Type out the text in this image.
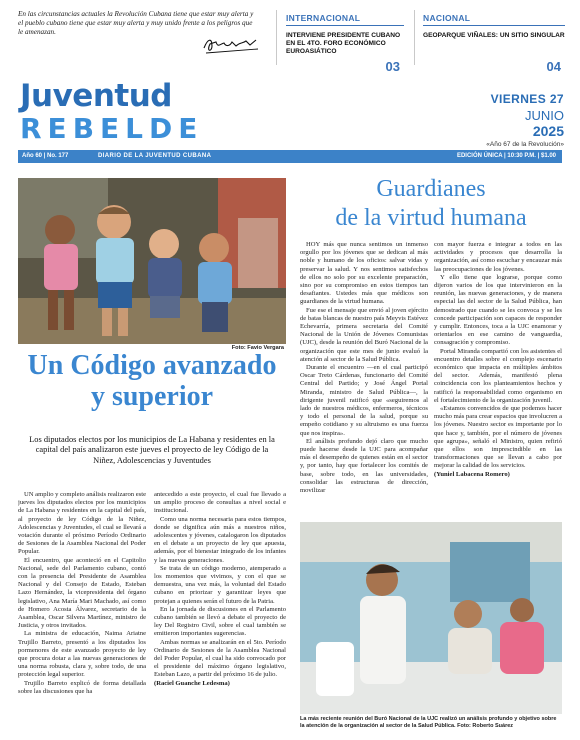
En las circunstancias actuales la Revolución Cubana tiene que estar muy alerta y el pueblo cubano tiene que estar muy alerta y muy unido frente a los peligros que le amenazan.
INTERNACIONAL
INTERVIENE PRESIDENTE CUBANO EN EL 4TO. FORO ECONÓMICO EUROASIÁTICO
03
NACIONAL
GEOPARQUE VIÑALES: UN SITIO SINGULAR
04
Juventud
REBELDE
VIERNES 27
JUNIO
2025
«Año 67 de la Revolución»
Año 60 | No. 177	DIARIO DE LA JUVENTUD CUBANA	EDICIÓN ÚNICA | 10:30 P.M. | $1.00
Foto: Favio Vergara
Un Código avanzado y superior
Los diputados electos por los municipios de La Habana y residentes en la capital del país analizaron este jueves el proyecto de ley Código de la Niñez, Adolescencias y Juventudes

UN amplio y completo análisis realizaron este jueves los diputados electos por los municipios de La Habana y residentes en la capital del país, al proyecto de ley Código de la Niñez, Adolescencias y Juventudes, el cual se llevará a votación durante el próximo Período Ordinario de Sesiones de la Asamblea Nacional del Poder Popular.

El encuentro, que aconteció en el Capitolio Nacional, sede del Parlamento cubano, contó con la presencia del Presidente de Asamblea Nacional y del Consejo de Estado, Esteban Lazo Hernández, la vicepresidenta del órgano legislativo, Ana María Mari Machado, así como de Homero Acosta Álvarez, secretario de la Asamblea, Oscar Silvera Martínez, ministro de Justicia, y otros invitados.

La ministra de educación, Naima Ariatne Trujillo Barreto, presentó a los diputados los pormenores de este avanzado proyecto de ley que procura dotar a las nuevas generaciones de una norma robusta, clara y, sobre todo, de una protección legal superior.

Trujillo Barreto explicó de forma detallada sobre las discusiones que ha

antecedido a este proyecto, el cual fue llevado a un amplio proceso de consultas a nivel social e institucional.

Como una norma necesaria para estos tiempos, donde se dignifica aún más a nuestros niños, adolescentes y jóvenes, catalogaron los diputados en el debate a un proyecto de ley que apuesta, además, por el bienestar integrado de los infantes y las nuevas generaciones.

Se trata de un código moderno, atemperado a los momentos que vivimos, y con el que se demuestra, una vez más, la voluntad del Estado cubano en priorizar y garantizar leyes que protejan a quienes serán el futuro de la Patria.

En la jornada de discusiones en el Parlamento cubano también se llevó a debate el proyecto de ley Del Registro Civil, sobre el cual también se emitieron importantes sugerencias.

Ambas normas se analizarán en el 5to. Período Ordinario de Sesiones de la Asamblea Nacional del Poder Popular, el cual ha sido convocado por el presidente del máximo órgano legislativo, Esteban Lazo, a partir del próximo 16 de julio.

(Raciel Guanche Ledesma)

Guardianes
de la virtud humana

HOY más que nunca sentimos un inmenso orgullo por los jóvenes que se dedican al más noble y humano de los oficios: salvar vidas y preservar la salud. Y nos sentimos satisfechos de ellos no solo por su excelente preparación, sino por su compromiso en estos tiempos tan desafiantes. Ustedes más que médicos son guardianes de la virtud humana.

Fue ese el mensaje que envió al joven ejército de batas blancas de nuestro país Meyvis Estévez Echevarría, primera secretaria del Comité Nacional de la Unión de Jóvenes Comunistas (UJC), desde la reunión del Buró Nacional de la organización que este mes de junio evaluó la atención al sector de la Salud Pública.

Durante el encuentro —en el cual participó Oscar Treto Cárdenas, funcionario del Comité Central del Partido; y José Ángel Portal Miranda, ministro de Salud Pública—, la dirigente juvenil ratificó que «seguiremos al lado de nuestros médicos, enfermeros, técnicos y todo el personal de la salud, porque su empeño cotidiano y su altruismo es una fuerza que nos inspira».

El análisis profundo dejó claro que mucho puede hacerse desde la UJC para acompañar más el desempeño de quienes están en el sector y, por tanto, hay que fortalecer los comités de base, sobre todo, en las universidades, consolidar las estructuras de dirección, movilizar

con mayor fuerza e integrar a todos en las actividades y procesos que desarrolla la organización, así como escuchar y encauzar más las preocupaciones de los jóvenes.

Y ello tiene que lograrse, porque como dijeron varios de los que intervinieron en la reunión, las nuevas generaciones, y de manera especial las del sector de la Salud Pública, han demostrado que cuando se les convoca y se les concede participación son capaces de responder y cumplir. Entonces, toca a la UJC enamorar y orientarlos en ese camino de vanguardia, consagración y compromiso.

Portal Miranda compartió con los asistentes el encuentro detalles sobre el complejo escenario económico que impacta en múltiples ámbitos del sector. Además, manifestó plena coincidencia con los planteamientos hechos y ratificó la responsabilidad como organismo en el fortalecimiento de la organización juvenil.

«Estamos convencidos de que podemos hacer mucho más para crear espacios que involucren a los jóvenes. Nuestro sector es importante por lo que hace y, también, por el número de jóvenes que agrupa», señaló el Ministro, quien refirió que ellos son imprescindible en las transformaciones que se llevan a cabo por mejorar la calidad de los servicios.

(Yuniel Labacena Romero)

La más reciente reunión del Buró Nacional de la UJC realizó un análisis profundo y objetivo sobre la atención de la organización al sector de la Salud Pública. Foto: Roberto Suárez
